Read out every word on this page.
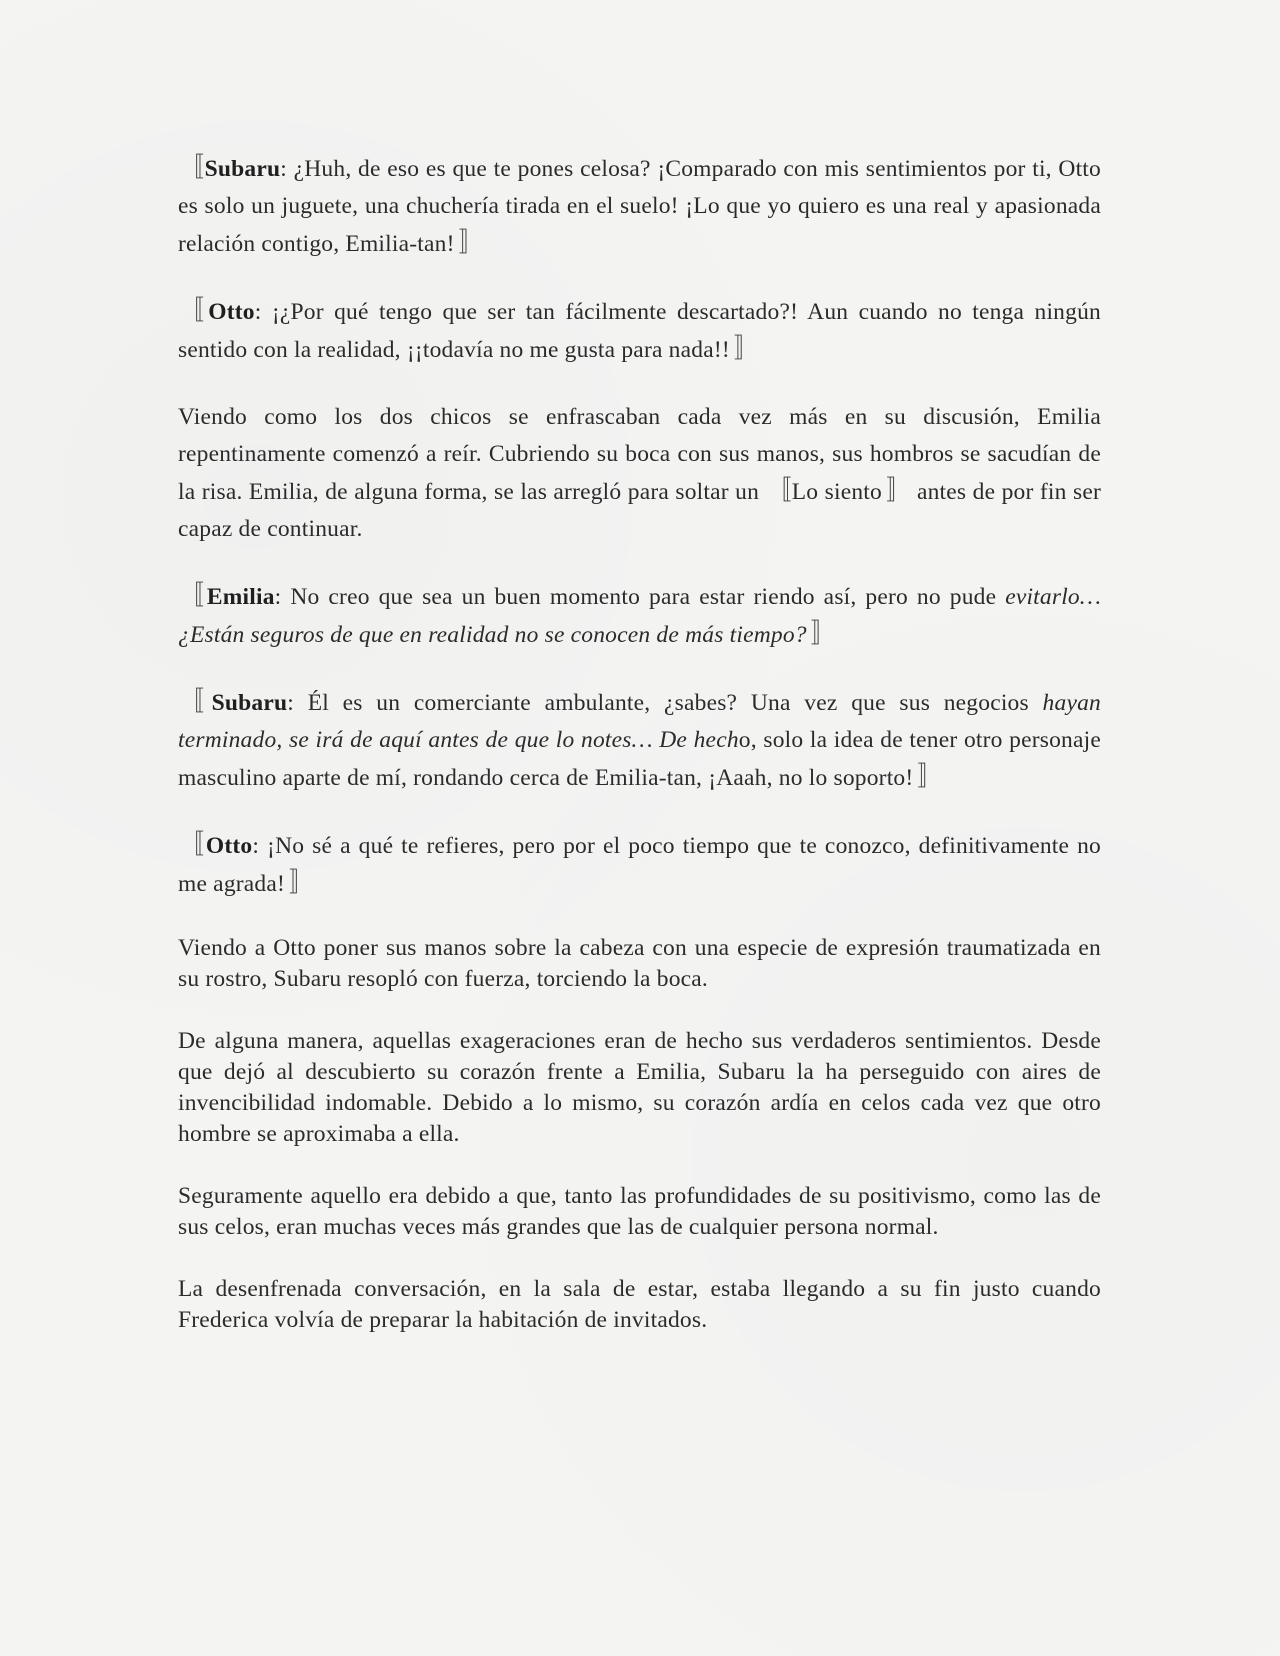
〚Subaru: ¿Huh, de eso es que te pones celosa? ¡Comparado con mis sentimientos por ti, Otto es solo un juguete, una chuchería tirada en el suelo! ¡Lo que yo quiero es una real y apasionada relación contigo, Emilia-tan! 〛

〚Otto: ¡¿Por qué tengo que ser tan fácilmente descartado?! Aun cuando no tenga ningún sentido con la realidad, ¡¡todavía no me gusta para nada!! 〛

Viendo como los dos chicos se enfrascaban cada vez más en su discusión, Emilia repentinamente comenzó a reír. Cubriendo su boca con sus manos, sus hombros se sacudían de la risa. Emilia, de alguna forma, se las arregló para soltar un 〚Lo siento 〛 antes de por fin ser capaz de continuar.

〚Emilia: No creo que sea un buen momento para estar riendo así, pero no pude evitarlo… ¿Están seguros de que en realidad no se conocen de más tiempo? 〛

〚Subaru: Él es un comerciante ambulante, ¿sabes? Una vez que sus negocios hayan terminado, se irá de aquí antes de que lo notes… De hecho, solo la idea de tener otro personaje masculino aparte de mí, rondando cerca de Emilia-tan, ¡Aaah, no lo soporto! 〛

〚Otto: ¡No sé a qué te refieres, pero por el poco tiempo que te conozco, definitivamente no me agrada! 〛

Viendo a Otto poner sus manos sobre la cabeza con una especie de expresión traumatizada en su rostro, Subaru resopló con fuerza, torciendo la boca.

De alguna manera, aquellas exageraciones eran de hecho sus verdaderos sentimientos. Desde que dejó al descubierto su corazón frente a Emilia, Subaru la ha perseguido con aires de invencibilidad indomable. Debido a lo mismo, su corazón ardía en celos cada vez que otro hombre se aproximaba a ella.

Seguramente aquello era debido a que, tanto las profundidades de su positivismo, como las de sus celos, eran muchas veces más grandes que las de cualquier persona normal.

La desenfrenada conversación, en la sala de estar, estaba llegando a su fin justo cuando Frederica volvía de preparar la habitación de invitados.
